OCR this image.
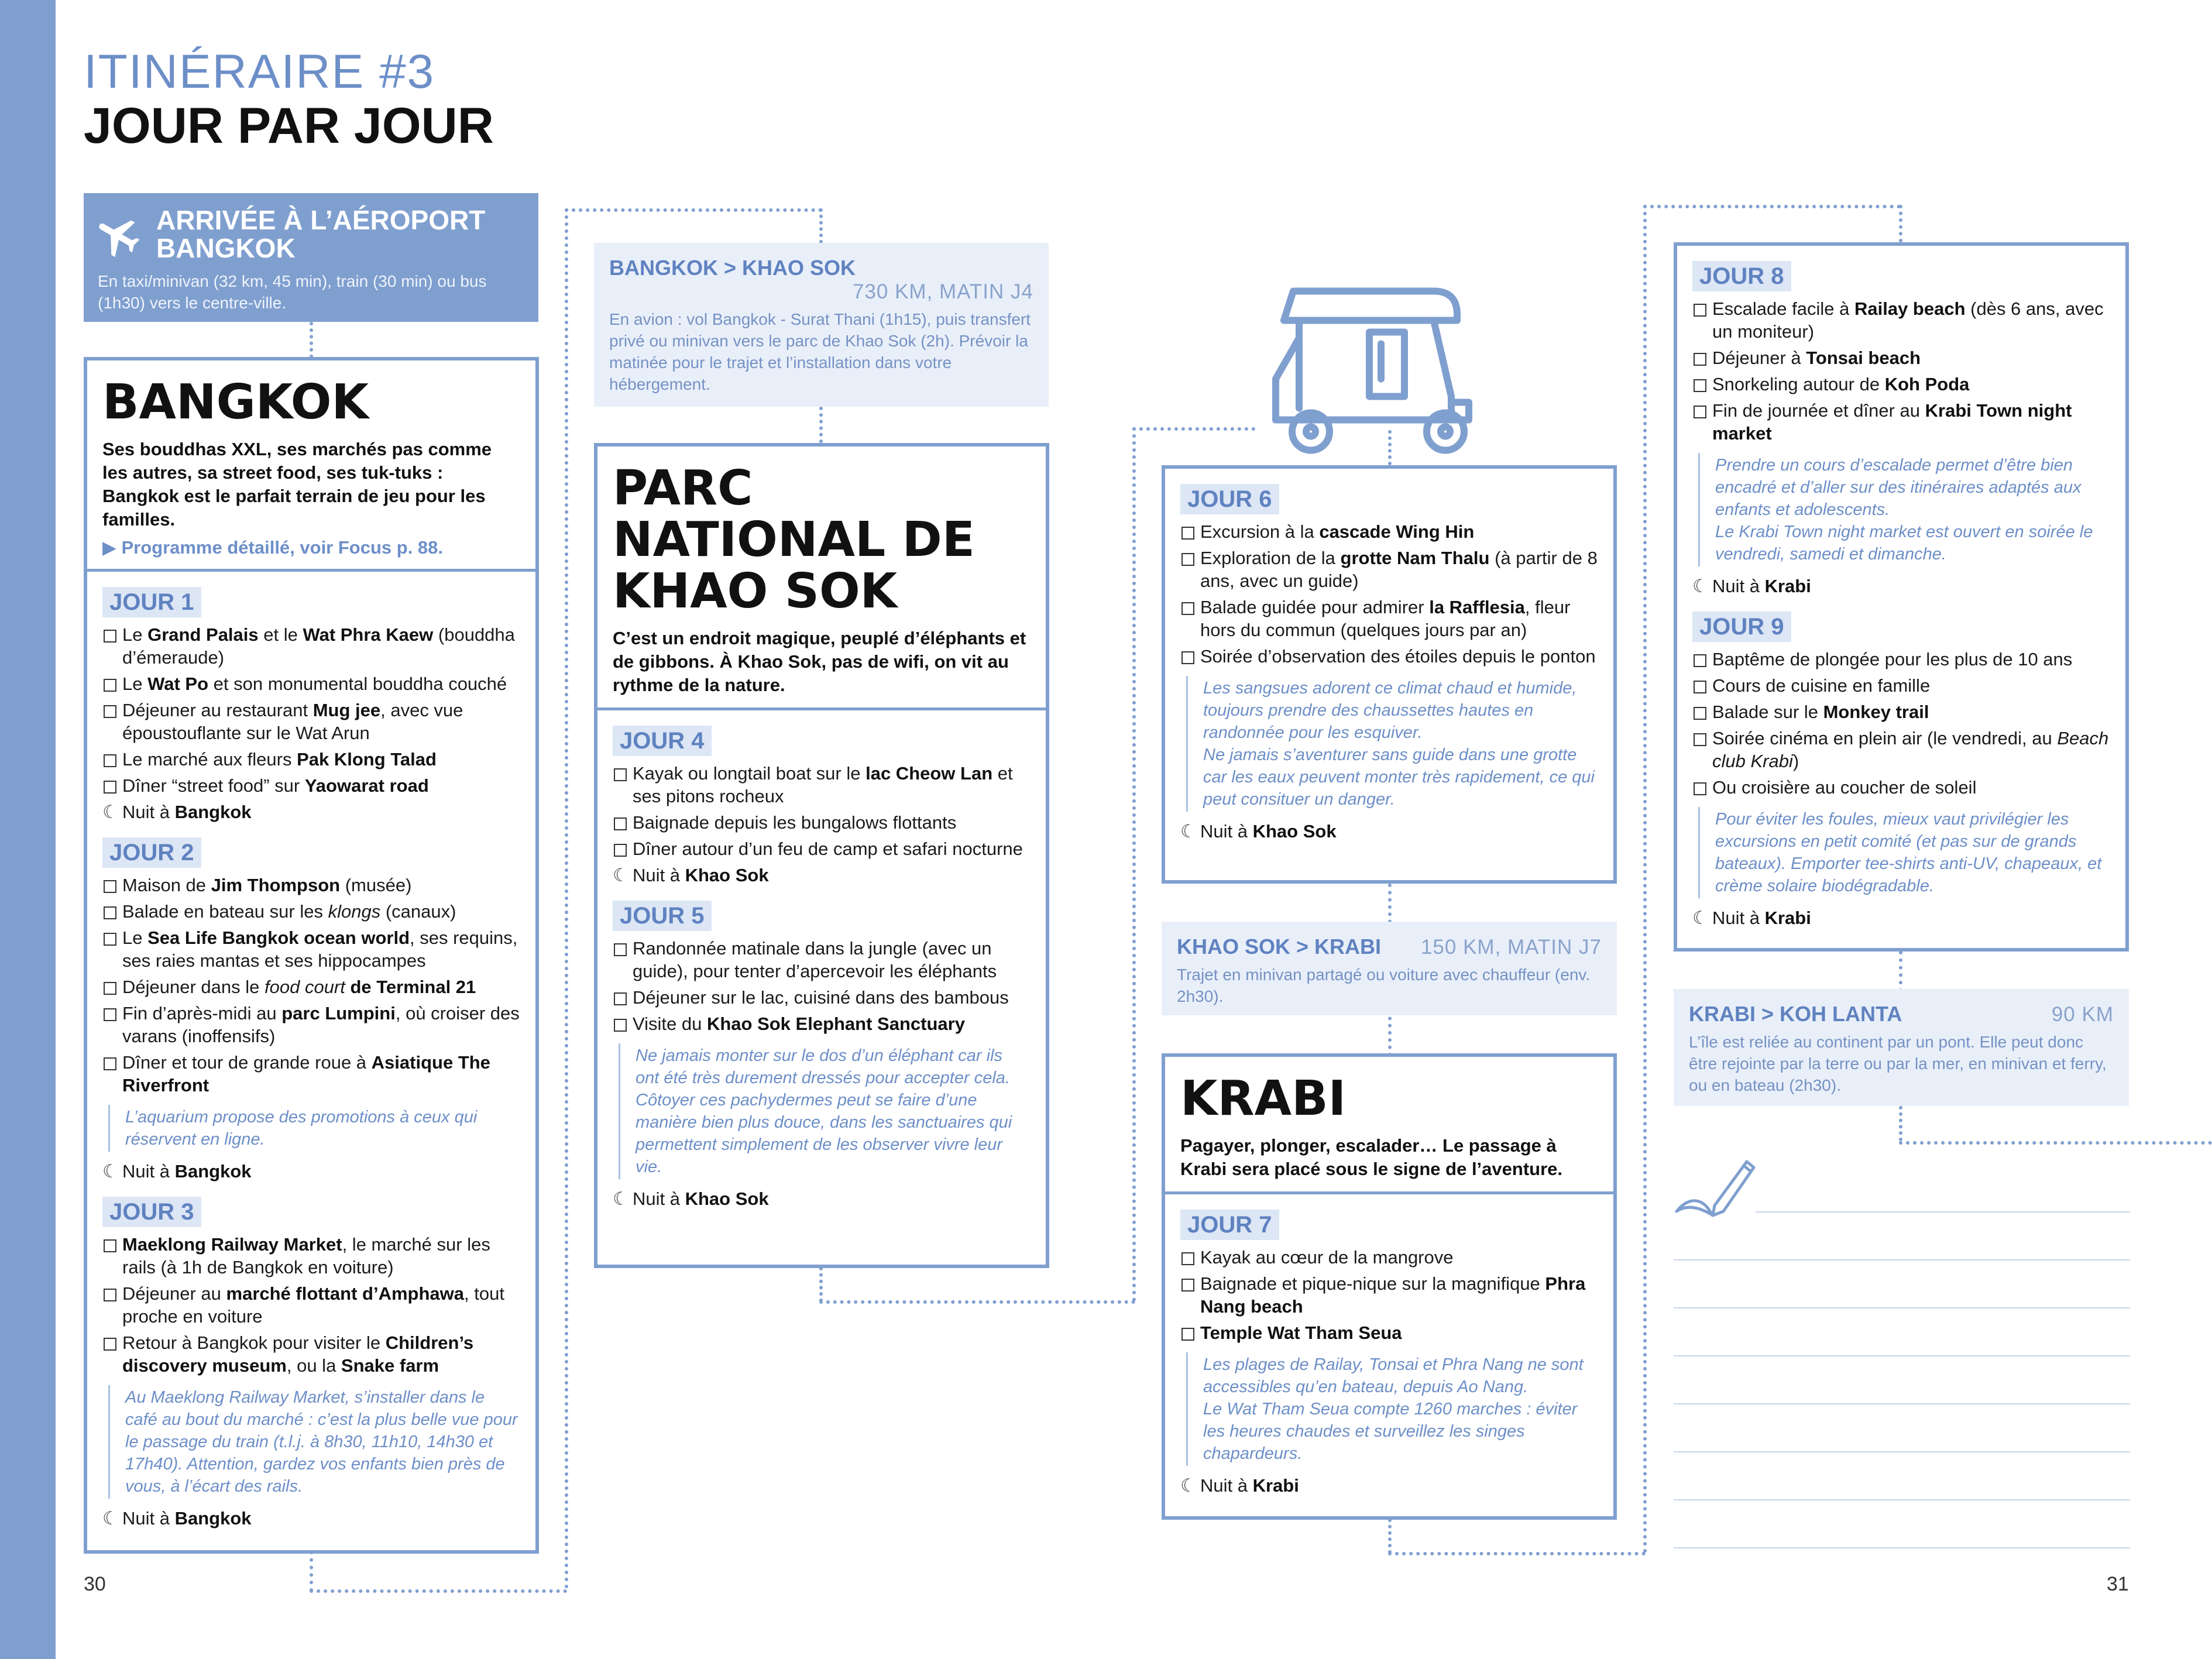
ITINÉRAIRE #3
JOUR PAR JOUR
ARRIVÉE À L’AÉROPORT BANGKOK
En taxi/minivan (32 km, 45 min), train (30 min) ou bus (1h30) vers le centre-ville.
BANGKOK
Ses bouddhas XXL, ses marchés pas comme les autres, sa street food, ses tuk-tuks : Bangkok est le parfait terrain de jeu pour les familles.
▶ Programme détaillé, voir Focus p. 88.
JOUR 1
Le Grand Palais et le Wat Phra Kaew (bouddha d’émeraude)
Le Wat Po et son monumental bouddha couché
Déjeuner au restaurant Mug jee, avec vue époustouflante sur le Wat Arun
Le marché aux fleurs Pak Klong Talad
Dîner “street food” sur Yaowarat road
☾ Nuit à Bangkok
JOUR 2
Maison de Jim Thompson (musée)
Balade en bateau sur les klongs (canaux)
Le Sea Life Bangkok ocean world, ses requins, ses raies mantas et ses hippocampes
Déjeuner dans le food court de Terminal 21
Fin d’après-midi au parc Lumpini, où croiser des varans (inoffensifs)
Dîner et tour de grande roue à Asiatique The Riverfront
L’aquarium propose des promotions à ceux qui réservent en ligne.
☾ Nuit à Bangkok
JOUR 3
Maeklong Railway Market, le marché sur les rails (à 1h de Bangkok en voiture)
Déjeuner au marché flottant d’Amphawa, tout proche en voiture
Retour à Bangkok pour visiter le Children’s discovery museum, ou la Snake farm
Au Maeklong Railway Market, s’installer dans le café au bout du marché : c’est la plus belle vue pour le passage du train (t.l.j. à 8h30, 11h10, 14h30 et 17h40). Attention, gardez vos enfants bien près de vous, à l’écart des rails.
☾ Nuit à Bangkok
BANGKOK > KHAO SOK
730 KM, MATIN J4
En avion : vol Bangkok - Surat Thani (1h15), puis transfert privé ou minivan vers le parc de Khao Sok (2h). Prévoir la matinée pour le trajet et l’installation dans votre hébergement.
PARC NATIONAL DE KHAO SOK
C’est un endroit magique, peuplé d’éléphants et de gibbons. À Khao Sok, pas de wifi, on vit au rythme de la nature.
JOUR 4
Kayak ou longtail boat sur le lac Cheow Lan et ses pitons rocheux
Baignade depuis les bungalows flottants
Dîner autour d’un feu de camp et safari nocturne
☾ Nuit à Khao Sok
JOUR 5
Randonnée matinale dans la jungle (avec un guide), pour tenter d’apercevoir les éléphants
Déjeuner sur le lac, cuisiné dans des bambous
Visite du Khao Sok Elephant Sanctuary
Ne jamais monter sur le dos d’un éléphant car ils ont été très durement dressés pour accepter cela. Côtoyer ces pachydermes peut se faire d’une manière bien plus douce, dans les sanctuaires qui permettent simplement de les observer vivre leur vie.
☾ Nuit à Khao Sok
JOUR 6
Excursion à la cascade Wing Hin
Exploration de la grotte Nam Thalu (à partir de 8 ans, avec un guide)
Balade guidée pour admirer la Rafflesia, fleur hors du commun (quelques jours par an)
Soirée d’observation des étoiles depuis le ponton
Les sangsues adorent ce climat chaud et humide, toujours prendre des chaussettes hautes en randonnée pour les esquiver.
Ne jamais s’aventurer sans guide dans une grotte car les eaux peuvent monter très rapidement, ce qui peut consituer un danger.
☾ Nuit à Khao Sok
KHAO SOK > KRABI 150 KM, MATIN J7
Trajet en minivan partagé ou voiture avec chauffeur (env. 2h30).
KRABI
Pagayer, plonger, escalader… Le passage à Krabi sera placé sous le signe de l’aventure.
JOUR 7
Kayak au cœur de la mangrove
Baignade et pique-nique sur la magnifique Phra Nang beach
Temple Wat Tham Seua
Les plages de Railay, Tonsai et Phra Nang ne sont accessibles qu’en bateau, depuis Ao Nang.
Le Wat Tham Seua compte 1260 marches : éviter les heures chaudes et surveillez les singes chapardeurs.
☾ Nuit à Krabi
JOUR 8
Escalade facile à Railay beach (dès 6 ans, avec un moniteur)
Déjeuner à Tonsai beach
Snorkeling autour de Koh Poda
Fin de journée et dîner au Krabi Town night market
Prendre un cours d’escalade permet d’être bien encadré et d’aller sur des itinéraires adaptés aux enfants et adolescents.
Le Krabi Town night market est ouvert en soirée le vendredi, samedi et dimanche.
☾ Nuit à Krabi
JOUR 9
Baptême de plongée pour les plus de 10 ans
Cours de cuisine en famille
Balade sur le Monkey trail
Soirée cinéma en plein air (le vendredi, au Beach club Krabi)
Ou croisière au coucher de soleil
Pour éviter les foules, mieux vaut privilégier les excursions en petit comité (et pas sur de grands bateaux). Emporter tee-shirts anti-UV, chapeaux, et crème solaire biodégradable.
☾ Nuit à Krabi
KRABI > KOH LANTA	90 KM
L’île est reliée au continent par un pont. Elle peut donc être rejointe par la terre ou par la mer, en minivan et ferry, ou en bateau (2h30).
30	31
